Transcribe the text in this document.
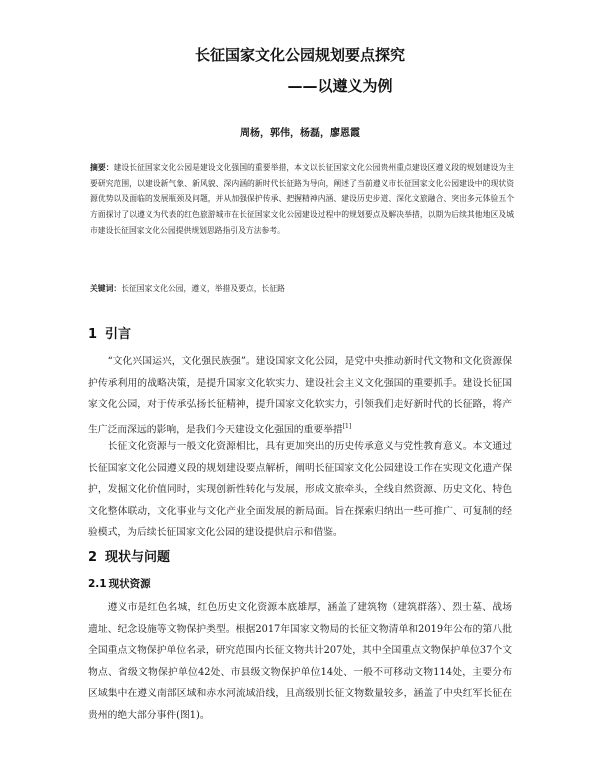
长征国家文化公园规划要点探究
——以遵义为例
周杨，郭伟，杨磊，廖恩霞
摘要：建设长征国家文化公园是建设文化强国的重要举措，本文以长征国家文化公园贵州重点建设区遵义段的规划建设为主要研究范围，以建设新气象、新风貌、深内涵的新时代长征路为导向，阐述了当前遵义市长征国家文化公园建设中的现状资源优势以及面临的发展瓶颈及问题，并从加强保护传承、把握精神内涵、建设历史步道、深化文旅融合、突出多元体验五个方面探讨了以遵义为代表的红色旅游城市在长征国家文化公园建设过程中的规划要点及解决举措，以期为后续其他地区及城市建设长征国家文化公园提供规划思路指引及方法参考。
关键词：长征国家文化公园，遵义，举措及要点，长征路
1 引言
“文化兴国运兴，文化强民族强”。建设国家文化公园，是党中央推动新时代文物和文化资源保护传承利用的战略决策，是提升国家文化软实力、建设社会主义文化强国的重要抓手。建设长征国家文化公园，对于传承弘扬长征精神，提升国家文化软实力，引领我们走好新时代的长征路，将产生广泛而深远的影响，是我们今天建设文化强国的重要举措[1]
长征文化资源与一般文化资源相比，具有更加突出的历史传承意义与党性教育意义。本文通过长征国家文化公园遵义段的规划建设要点解析，阐明长征国家文化公园建设工作在实现文化遗产保护，发掘文化价值同时，实现创新性转化与发展，形成文旅牵头，全线自然资源、历史文化、特色文化整体联动，文化事业与文化产业全面发展的新局面。旨在探索归纳出一些可推广、可复制的经验模式，为后续长征国家文化公园的建设提供启示和借鉴。
2 现状与问题
2.1 现状资源
遵义市是红色名城，红色历史文化资源本底雄厚，涵盖了建筑物（建筑群落）、烈士墓、战场遗址、纪念设施等文物保护类型。根据2017年国家文物局的长征文物清单和2019年公布的第八批全国重点文物保护单位名录，研究范围内长征文物共计207处，其中全国重点文物保护单位37个文物点、省级文物保护单位42处、市县级文物保护单位14处、一般不可移动文物114处，主要分布区域集中在遵义南部区域和赤水河流域沿线，且高级别长征文物数量较多，涵盖了中央红军长征在贵州的绝大部分事件(图1)。
